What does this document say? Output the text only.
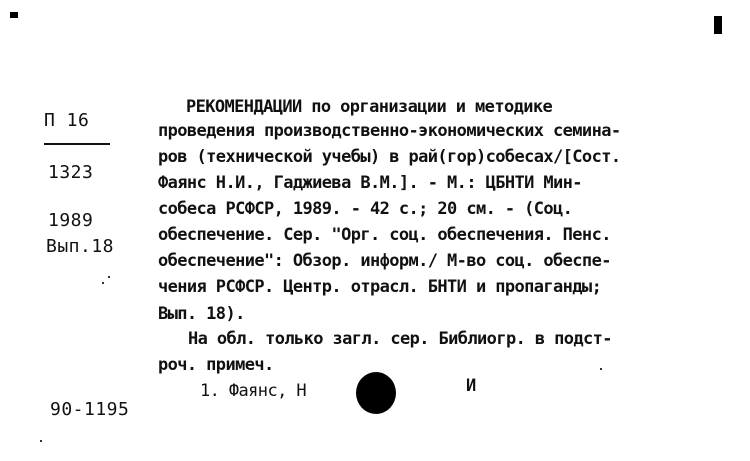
П 16
1323
1989
Вып.18
90-1195
РЕКОМЕНДАЦИИ по организации и методике
проведения производственно-экономических семина-
ров (технической учебы) в рай(гор)собесах/[Сост.
Фаянс Н.И., Гаджиева В.М.]. - М.: ЦБНТИ Мин-
собеса РСФСР, 1989. - 42 с.; 20 см. - (Соц.
обеспечение. Сер. "Орг. соц. обеспечения. Пенс.
обеспечение": Обзор. информ./ М-во соц. обеспе-
чения РСФСР. Центр. отрасл. БНТИ и пропаганды;
Вып. 18).
На обл. только загл. сер. Библиогр. в подст-
роч. примеч.
1. Фаянс, Н	И
